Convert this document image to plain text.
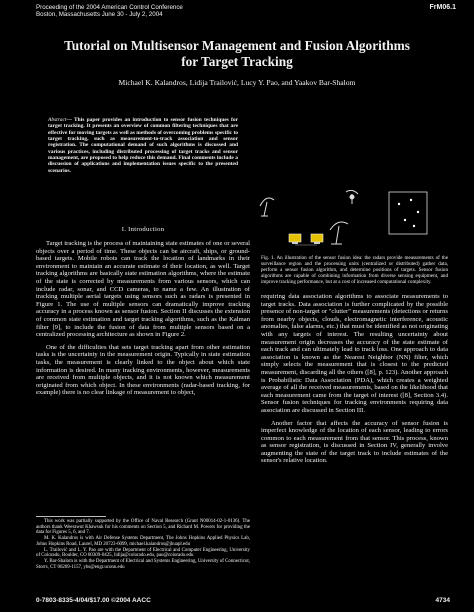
Proceeding of the 2004 American Control Conference
Boston, Massachusetts June 30 - July 2, 2004
FrM06.1
Tutorial on Multisensor Management and Fusion Algorithms
for Target Tracking
Michael K. Kalandros, Lidija Trailović, Lucy Y. Pao, and Yaakov Bar-Shalom
Abstract— This paper provides an introduction to sensor fusion techniques for target tracking. It presents an overview of common filtering techniques that are effective for moving targets as well as methods of overcoming problems specific to target tracking, such as measurement-to-track association and sensor registration. The computational demand of such algorithms is discussed and various practices, including distributed processing of target tracks and sensor management, are proposed to help reduce this demand. Final comments include a discussion of applications and implementation issues specific to the presented scenarios.
I. Introduction

Target tracking is the process of maintaining state estimates of one or several objects over a period of time. These objects can be aircraft, ships, or ground-based targets. Mobile robots can track the location of landmarks in their environment to maintain an accurate estimate of their location, as well. Target tracking algorithms are basically state estimation algorithms, where the estimate of the state is corrected by measurements from various sensors, which can include radar, sonar, and CCD cameras, to name a few. An illustration of tracking multiple aerial targets using sensors such as radars is presented in Figure 1. The use of multiple sensors can dramatically improve tracking accuracy in a process known as sensor fusion. Section II discusses the extension of common state estimation and target tracking algorithms, such as the Kalman filter [9], to include the fusion of data from multiple sensors based on a centralized processing architecture as shown in Figure 2.

One of the difficulties that sets target tracking apart from other estimation tasks is the uncertainty in the measurement origin. Typically in state estimation tasks, the measurement is clearly linked to the object about which state information is desired. In many tracking environments, however, measurements are received from multiple objects, and it is not known which measurement originated from which object. In these environments (radar-based tracking, for example) there is no clear linkage of measurement to object,

This work was partially supported by the Office of Naval Research (Grant N00014-02-1-0136). The authors thank Weerawut Khawsuk for his comments on Section 5, and Richard M. Powers for providing the data for Figures 5, 6, and 7.

M. K. Kalandros is with Air Defense Systems Department, The Johns Hopkins Applied Physics Lab, Johns Hopkins Road, Laurel, MD 20723-6099, michael.kalandros@jhuapl.edu

L. Trailović and L. Y. Pao are with the Department of Electrical and Computer Engineering, University of Colorado, Boulder, CO 80309-0425, lidija@colorado.edu, pao@colorado.edu

Y. Bar-Shalom is with the Department of Electrical and Systems Engineering, University of Connecticut, Storrs, CT 06269-1157, ybs@engr.uconn.edu

Fig. 1. An illustration of the sensor fusion idea: the radars provide measurements of the surveillance region and the processing units (centralized or distributed) gather data, perform a sensor fusion algorithm, and determine positions of targets. Sensor fusion algorithms are capable of combining information from diverse sensing equipment, and improve tracking performance, but at a cost of increased computational complexity.

requiring data association algorithms to associate measurements to target tracks. Data association is further complicated by the possible presence of non-target or "clutter" measurements (detections or returns from nearby objects, clouds, electromagnetic interference, acoustic anomalies, false alarms, etc.) that must be identified as not originating with any targets of interest. The resulting uncertainty about measurement origin decreases the accuracy of the state estimate of each track and can ultimately lead to track loss. One approach to data association is known as the Nearest Neighbor (NN) filter, which simply selects the measurement that is closest to the predicted measurement, discarding all the others ([8], p. 123). Another approach is Probabilistic Data Association (PDA), which creates a weighted average of all the received measurements, based on the likelihood that each measurement came from the target of interest ([8], Section 3.4). Sensor fusion techniques for tracking environments requiring data association are discussed in Section III.

Another factor that affects the accuracy of sensor fusion is imperfect knowledge of the location of each sensor, leading to errors common to each measurement from that sensor. This process, known as sensor registration, is discussed in Section IV, generally involve augmenting the state of the target track to include estimates of the sensor's relative location.

0-7803-8335-4/04/$17.00 ©2004 AACC	4734
